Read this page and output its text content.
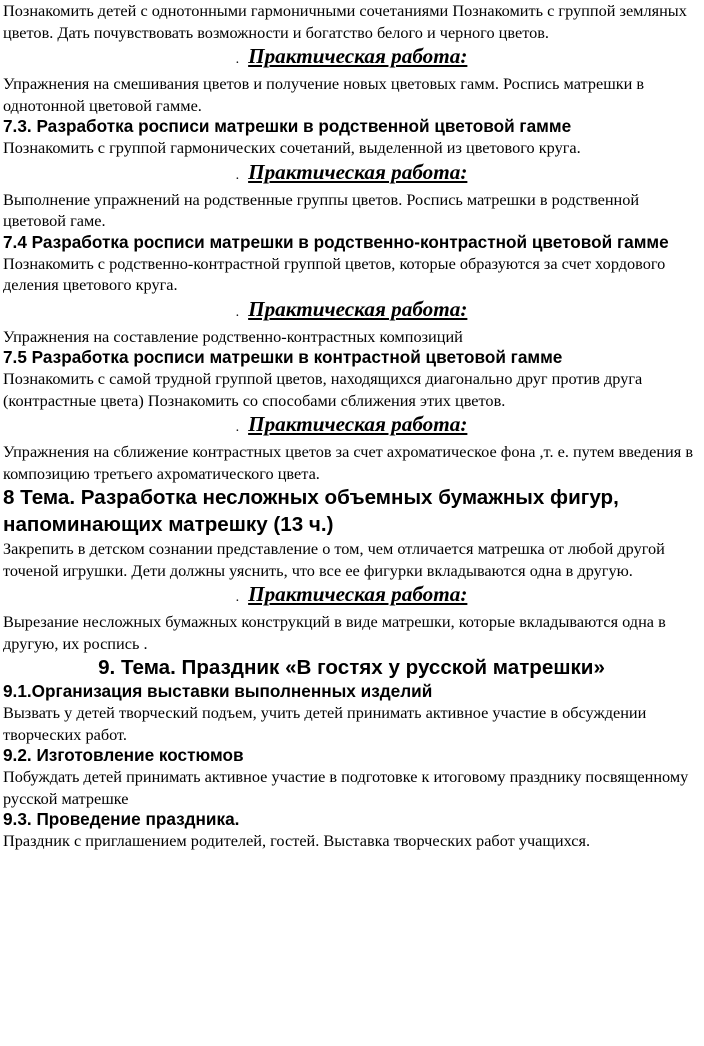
Познакомить детей с однотонными гармоничными сочетаниями Познакомить с группой земляных цветов. Дать почувствовать возможности и богатство белого и черного цветов.

. Практическая работа:

Упражнения на смешивания цветов и получение новых цветовых гамм. Роспись матрешки в однотонной цветовой гамме.

7.3. Разработка росписи матрешки в родственной цветовой гамме

Познакомить с группой гармонических сочетаний, выделенной из цветового круга.

. Практическая работа:

Выполнение упражнений на родственные группы цветов. Роспись матрешки в родственной цветовой гаме.

7.4 Разработка росписи матрешки в родственно-контрастной цветовой гамме

Познакомить с родственно-контрастной группой цветов, которые образуются за счет хордового деления цветового круга.

. Практическая работа:

Упражнения на составление родственно-контрастных композиций

7.5 Разработка росписи матрешки в контрастной цветовой гамме

Познакомить с самой трудной группой цветов, находящихся диагонально друг против друга (контрастные цвета) Познакомить со способами сближения этих цветов.

. Практическая работа:

Упражнения на сближение контрастных цветов за счет ахроматическое фона ,т. е. путем введения в композицию третьего ахроматического цвета.

8 Тема. Разработка несложных объемных бумажных фигур, напоминающих матрешку (13 ч.)

Закрепить в детском сознании представление о том, чем отличается матрешка от любой другой точеной игрушки. Дети должны уяснить, что все ее фигурки вкладываются одна в другую.

. Практическая работа:

Вырезание несложных бумажных конструкций в виде матрешки, которые вкладываются одна в другую, их роспись .

9. Тема. Праздник «В гостях у русской матрешки»

9.1.Организация выставки выполненных изделий

Вызвать у детей творческий подъем, учить детей принимать активное участие в обсуждении творческих работ.

9.2. Изготовление костюмов

Побуждать детей принимать активное участие в подготовке к итоговому празднику посвященному русской матрешке

9.3. Проведение праздника.

Праздник с приглашением родителей, гостей. Выставка творческих работ учащихся.
